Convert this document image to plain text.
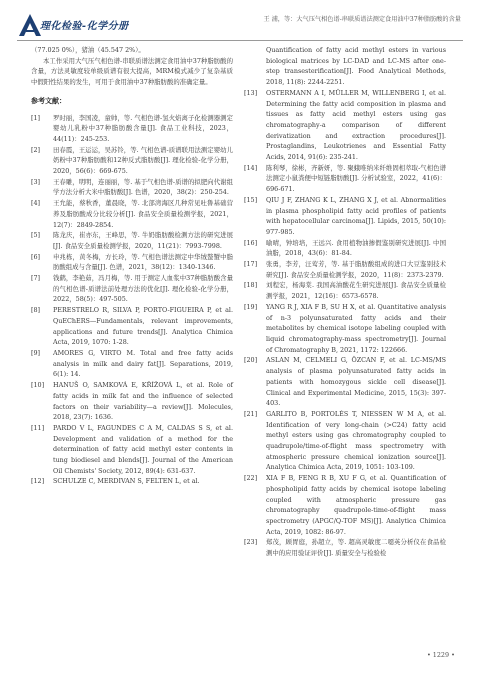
理化检验-化学分册
王 浦，等：大气压气相色谱-串联质谱法测定食用油中37种脂肪酸的含量

（77.025 0%），猪油（45.547 2%）。

本工作采用大气压气相色谱-串联质谱法测定食用油中37种脂肪酸的含量，方法灵敏度较单级质谱有很大提高，MRM模式减少了复杂基质中假阳性结果的发生，可用于食用油中37种脂肪酸的准确定量。

参考文献：
[1]	罗时丽，李国凌，童帅，等. 气相色谱-氢火焰离子化检测器测定婴幼儿乳粉中37种脂肪酸含量[J]. 食品工业科技，2023，44(11)：245-253.
[2]	田春霞，王运运，吴苏铃，等. 气相色谱-质谱联用法测定婴幼儿奶粉中37种脂肪酸和12种反式脂肪酸[J]. 理化检验-化学分册，2020，56(6)：669-675.
[3]	王春雕，明明，连丽丽，等. 基于气相色谱-质谱的拟肥向代谢组学方法分析大米中脂肪酸[J]. 色谱，2020，38(2)：250-254.
[4]	王允能，蔡秋香，董晨晓，等. 北部湾海区几种常见吐鲁基础营养及脂肪酸成分比较分析[J]. 食品安全质量检测学报，2021，12(7)：2849-2854.
[5]	陈龙庆，崔亦东，王峰思，等. 牛奶脂肪酸检测方法的研究进展[J]. 食品安全质量检测学报，2020，11(21)：7993-7998.
[6]	申兆栋，黄冬梅，方长玲，等. 气相色谱法测定中华绒螯蟹中脂肪酸组成与含量[J]. 色谱，2021，38(12)：1340-1346.
[7]	钱鹤，李艳茹，冯月梅，等. 用于测定人血浆中37种脂肪酸含量的气相色谱-质谱法前处理方法的优化[J]. 理化检验-化学分册，2022，58(5)：497-505.
[8]	PERESTRELO R, SILVA P, PORTO-FIGUEIRA P, et al. QuEChERS—Fundamentals, relevant improvements, applications and future trends[J]. Analytica Chimica Acta, 2019, 1070: 1-28.
[9]	AMORES G, VIRTO M. Total and free fatty acids analysis in milk and dairy fat[J]. Separations, 2019, 6(1): 14.
[10]	HANUŠ O, SAMKOVÁ E, KŘÍŽOVÁ L, et al. Role of fatty acids in milk fat and the influence of selected factors on their variability—a review[J]. Molecules, 2018, 23(7): 1636.
[11]	PARDO V L, FAGUNDES C A M, CALDAS S S, et al. Development and validation of a method for the determination of fatty acid methyl ester contents in tung biodiesel and blends[J]. Journal of the American Oil Chemists' Society, 2012, 89(4): 631-637.
[12]	SCHULZE C, MERDIVAN S, FELTEN L, et al.
Quantification of fatty acid methyl esters in various biological matrices by LC-DAD and LC-MS after one-step transesterification[J]. Food Analytical Methods, 2018, 11(8): 2244-2251.
[13]	OSTERMANN A I, MÜLLER M, WILLENBERG I, et al. Determining the fatty acid composition in plasma and tissues as fatty acid methyl esters using gas chromatography-a comparison of different derivatization and extraction procedures[J]. Prostaglandins, Leukotrienes and Essential Fatty Acids, 2014, 91(6): 235-241.
[14]	陈利琴，徐彬，齐新妍，等. 聚蛾唯纳米纤维固相萃取-气相色谱法测定小鼠粪便中短链脂肪酸[J]. 分析试验室，2022，41(6)：696-671.
[15]	QIU J F, ZHANG K L, ZHANG X J, et al. Abnormalities in plasma phospholipid fatty acid profiles of patients with hepatocellular carcinoma[J]. Lipids, 2015, 50(10): 977-985.
[16]	喻晴，钟培培，王远兴. 食用植物油掺假鉴别研究进展[J]. 中国油脂，2018，43(6)：81-84.
[17]	张勇，李芳，汪莺芳，等. 基于脂肪酸组成的进口大豆鉴别技术研究[J]. 食品安全质量检测学报，2020，11(8)：2373-2379.
[18]	刘程宏，杨海棠. 我国高油酸花生研究进展[J]. 食品安全质量检测学报，2021，12(16)：6573-6578.
[19]	YANG R J, XIA F B, SU H X, et al. Quantitative analysis of n-3 polyunsaturated fatty acids and their metabolites by chemical isotope labeling coupled with liquid chromatography-mass spectrometry[J]. Journal of Chromatography B, 2021, 1172: 122666.
[20]	ASLAN M, CELMELI G, ÖZCAN F, et al. LC-MS/MS analysis of plasma polyunsaturated fatty acids in patients with homozygous sickle cell disease[J]. Clinical and Experimental Medicine, 2015, 15(3): 397-403.
[21]	GARLITO B, PORTOLÉS T, NIESSEN W M A, et al. Identification of very long-chain (>C24) fatty acid methyl esters using gas chromatography coupled to quadrupole/time-of-flight mass spectrometry with atmospheric pressure chemical ionization source[J]. Analytica Chimica Acta, 2019, 1051: 103-109.
[22]	XIA F B, FENG R B, XU F G, et al. Quantification of phospholipid fatty acids by chemical isotope labeling coupled with atmospheric pressure gas chromatography quadrupole-time-of-flight mass spectrometry (APGC/Q-TOF MS)[J]. Analytica Chimica Acta, 2019, 1082: 86-97.
[23]	郑茂，顾胃庭，孙超立，等. 超高灵敏度二噁英分析仪在食品检测中的应用验证评价[J]. 质量安全与检验检
• 1229 •
